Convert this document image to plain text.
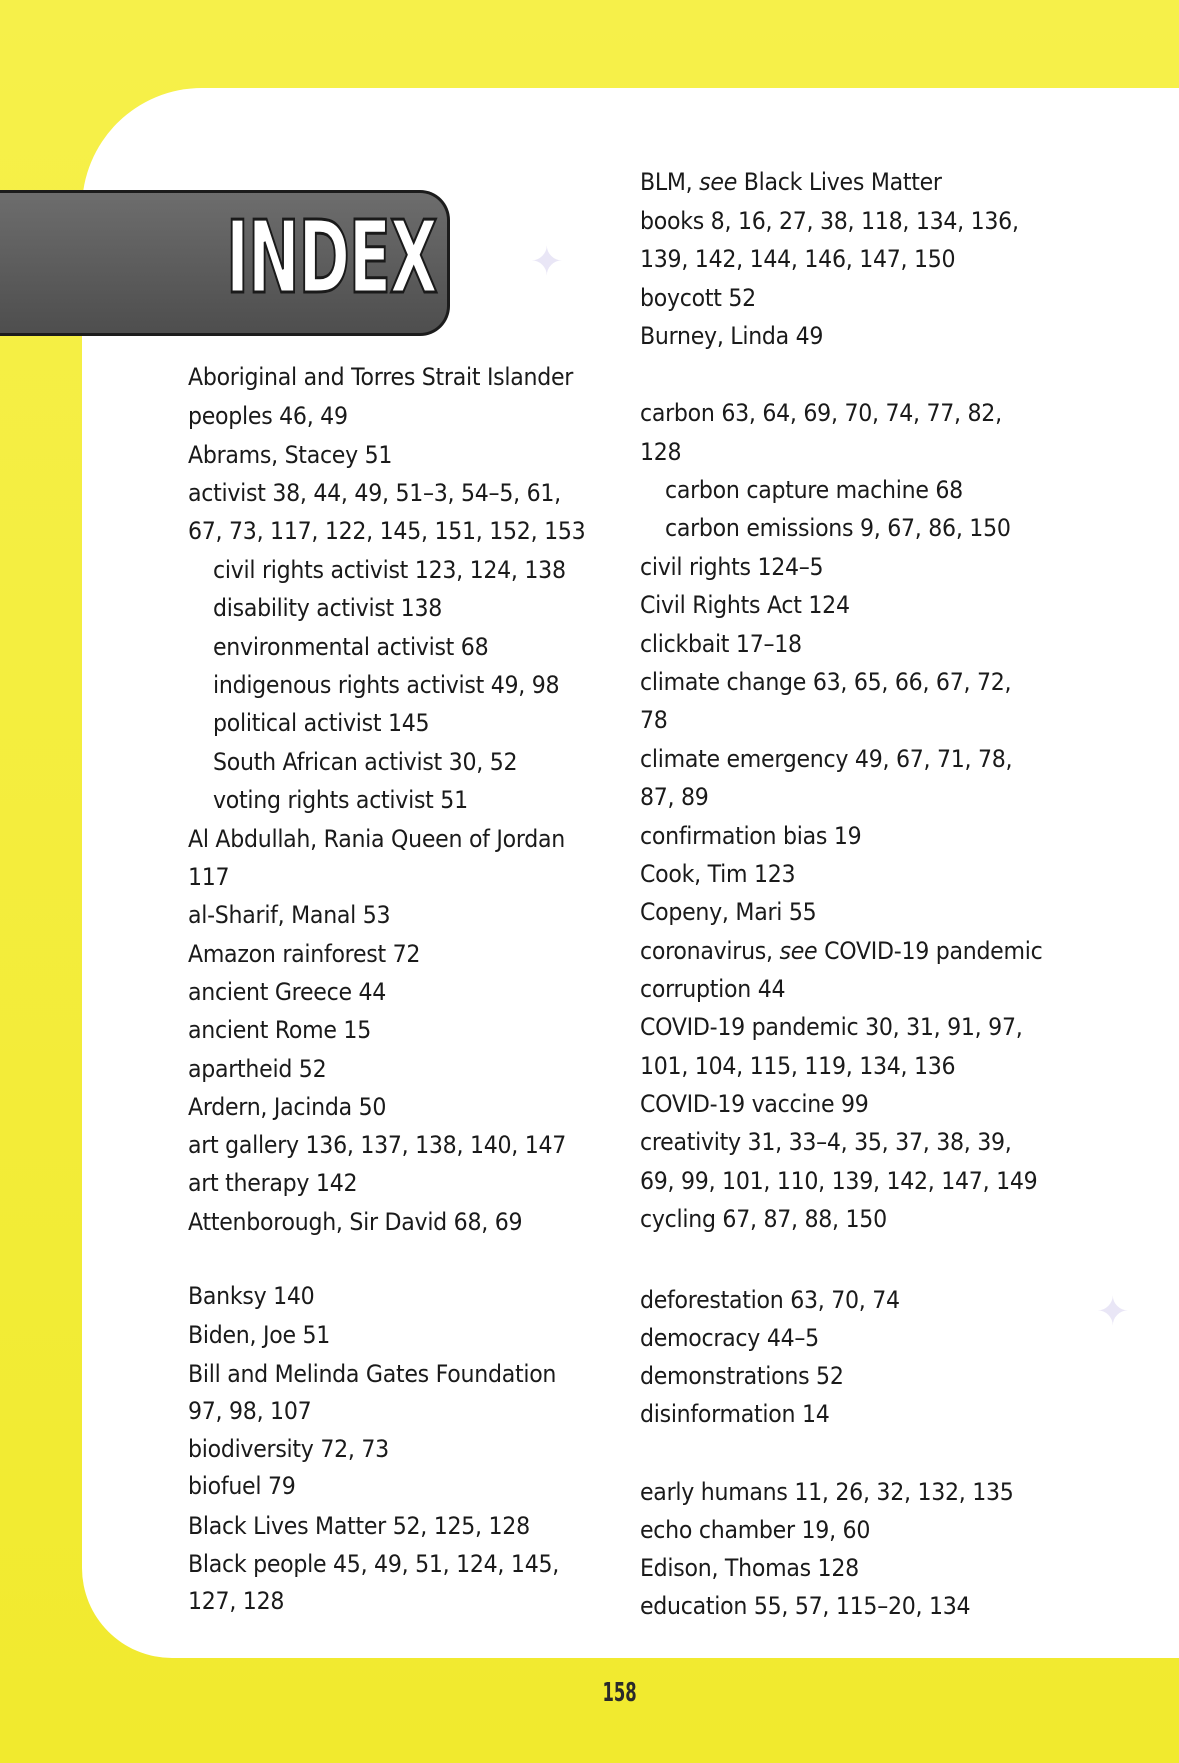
INDEX ✦
✦
Aboriginal and Torres Strait Islander
peoples 46, 49
Abrams, Stacey 51
activist 38, 44, 49, 51–3, 54–5, 61,
67, 73, 117, 122, 145, 151, 152, 153
civil rights activist 123, 124, 138
disability activist 138
environmental activist 68
indigenous rights activist 49, 98
political activist 145
South African activist 30, 52
voting rights activist 51
Al Abdullah, Rania Queen of Jordan
117
al-Sharif, Manal 53
Amazon rainforest 72
ancient Greece 44
ancient Rome 15
apartheid 52
Ardern, Jacinda 50
art gallery 136, 137, 138, 140, 147
art therapy 142
Attenborough, Sir David 68, 69
Banksy 140
Biden, Joe 51
Bill and Melinda Gates Foundation
97, 98, 107
biodiversity 72, 73
biofuel 79
Black Lives Matter 52, 125, 128
Black people 45, 49, 51, 124, 145,
127, 128
BLM, see Black Lives Matter
books 8, 16, 27, 38, 118, 134, 136,
139, 142, 144, 146, 147, 150
boycott 52
Burney, Linda 49
carbon 63, 64, 69, 70, 74, 77, 82,
128
carbon capture machine 68
carbon emissions 9, 67, 86, 150
civil rights 124–5
Civil Rights Act 124
clickbait 17–18
climate change 63, 65, 66, 67, 72,
78
climate emergency 49, 67, 71, 78,
87, 89
confirmation bias 19
Cook, Tim 123
Copeny, Mari 55
coronavirus, see COVID-19 pandemic
corruption 44
COVID-19 pandemic 30, 31, 91, 97,
101, 104, 115, 119, 134, 136
COVID-19 vaccine 99
creativity 31, 33–4, 35, 37, 38, 39,
69, 99, 101, 110, 139, 142, 147, 149
cycling 67, 87, 88, 150
deforestation 63, 70, 74
democracy 44–5
demonstrations 52
disinformation 14
early humans 11, 26, 32, 132, 135
echo chamber 19, 60
Edison, Thomas 128
education 55, 57, 115–20, 134
158
